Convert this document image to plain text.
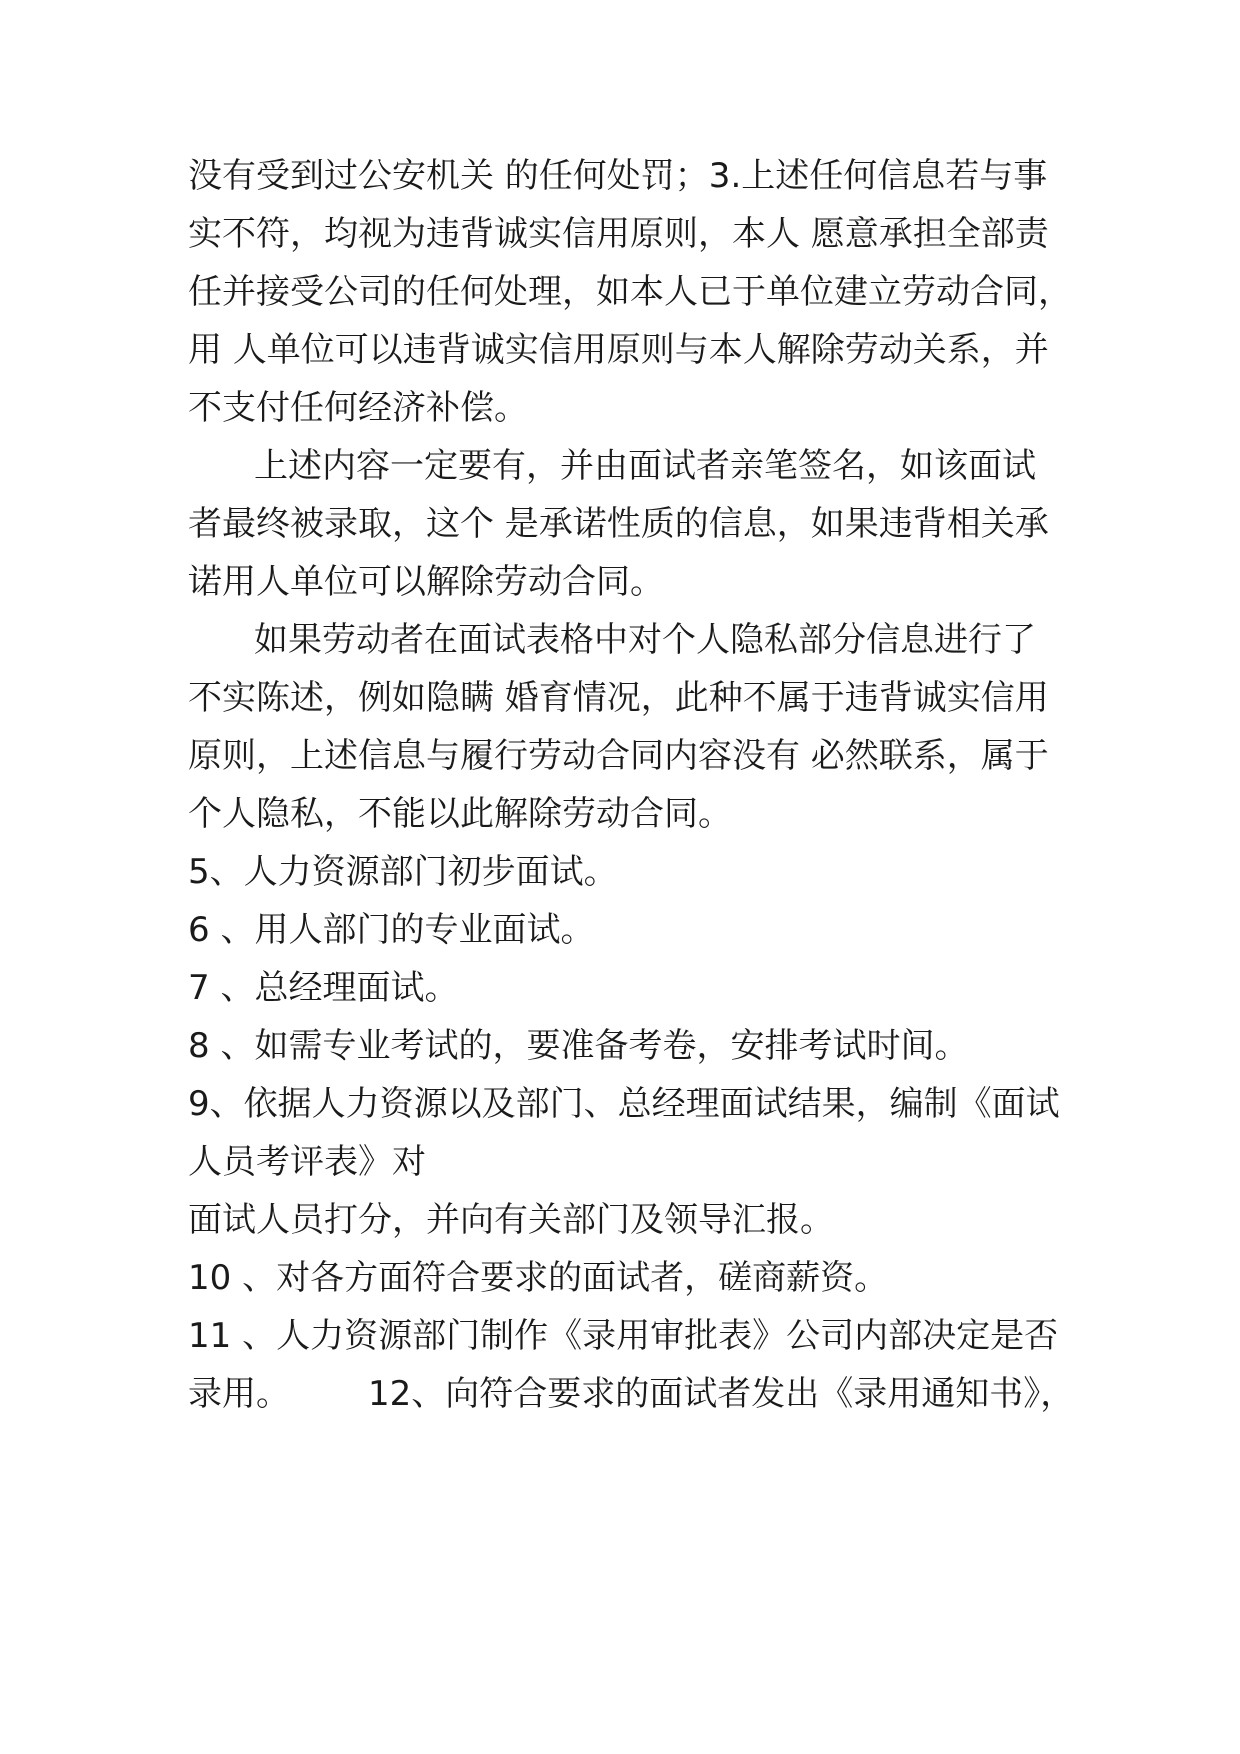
没有受到过公安机关 的任何处罚；3.上述任何信息若与事
实不符，均视为违背诚实信用原则，本人 愿意承担全部责
任并接受公司的任何处理，如本人已于单位建立劳动合同，
用 人单位可以违背诚实信用原则与本人解除劳动关系，并
不支付任何经济补偿。
上述内容一定要有，并由面试者亲笔签名，如该面试
者最终被录取，这个 是承诺性质的信息，如果违背相关承
诺用人单位可以解除劳动合同。
如果劳动者在面试表格中对个人隐私部分信息进行了
不实陈述，例如隐瞒 婚育情况，此种不属于违背诚实信用
原则，上述信息与履行劳动合同内容没有 必然联系，属于
个人隐私，不能以此解除劳动合同。
5、人力资源部门初步面试。
6 、用人部门的专业面试。
7 、总经理面试。
8 、如需专业考试的，要准备考卷，安排考试时间。
9、依据人力资源以及部门、总经理面试结果，编制《面试
人员考评表》对
面试人员打分，并向有关部门及领导汇报。
10 、对各方面符合要求的面试者，磋商薪资。
11 、人力资源部门制作《录用审批表》公司内部决定是否
录用。 12、向符合要求的面试者发出《录用通知书》，
